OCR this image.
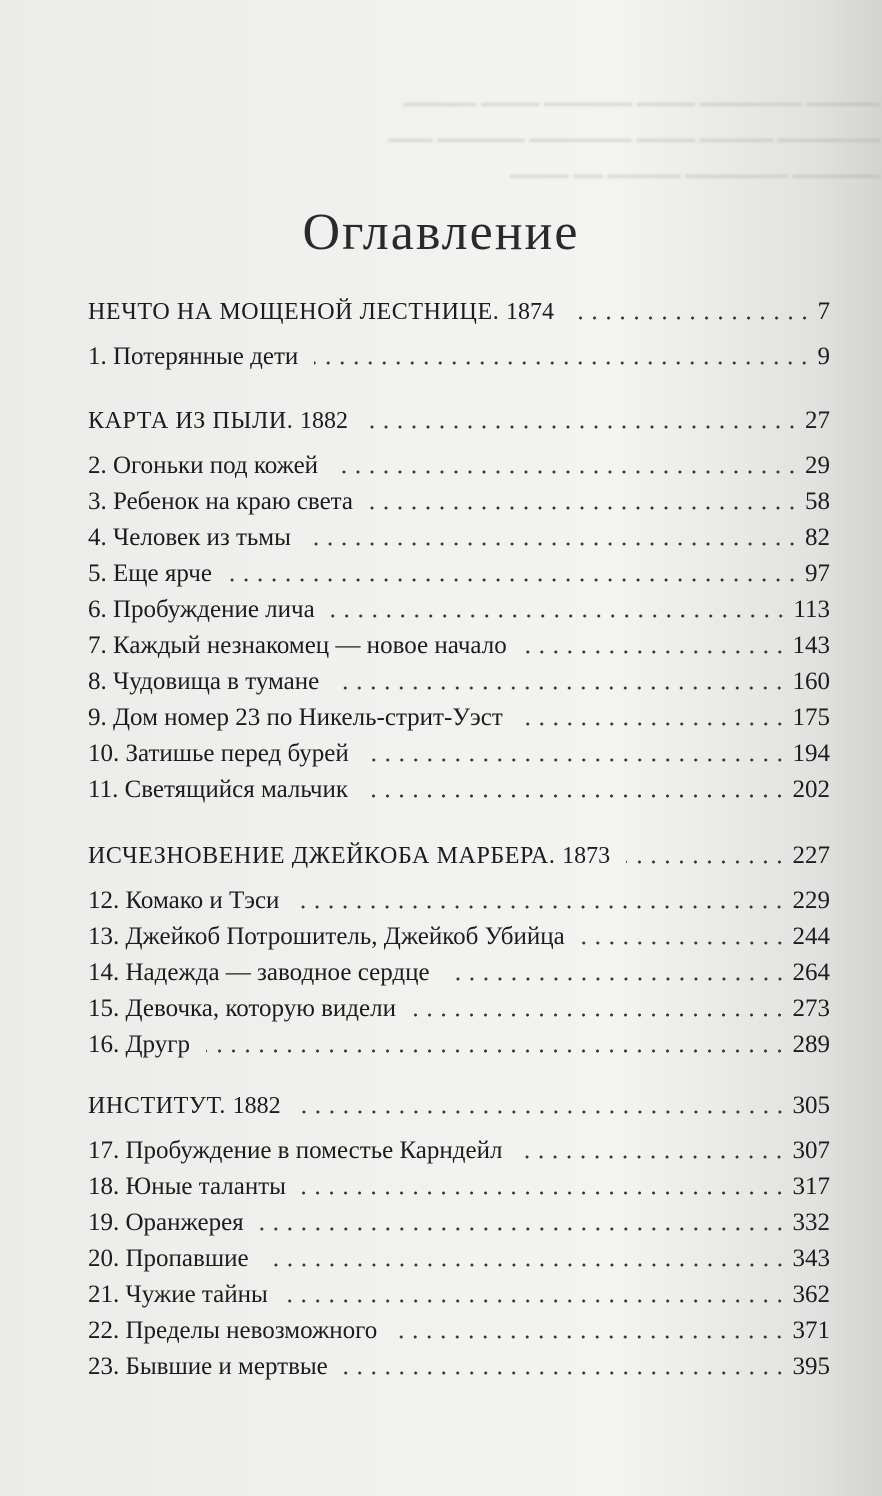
▁▁▁▁▁ ▁▁▁▁▁▁▁ ▁▁▁▁ ▁▁▁▁▁▁ ▁▁▁▁ ▁▁▁▁▁
▁▁▁▁▁▁▁ ▁▁▁▁▁ ▁▁▁▁ ▁▁▁▁▁▁▁ ▁▁▁▁▁▁ ▁▁▁
▁▁▁▁▁▁ ▁▁▁▁▁▁▁ ▁▁▁▁▁ ▁▁ ▁▁▁▁
Оглавление
НЕЧТО НА МОЩЕНОЙ ЛЕСТНИЦЕ. 1874	7
1. Потерянные дети	9
КАРТА ИЗ ПЫЛИ. 1882	27
2. Огоньки под кожей	29
3. Ребенок на краю света	58
4. Человек из тьмы	82
5. Еще ярче	97
6. Пробуждение лича	113
7. Каждый незнакомец — новое начало	143
8. Чудовища в тумане	160
9. Дом номер 23 по Никель-стрит-Уэст	175
10. Затишье перед бурей	194
11. Светящийся мальчик	202
ИСЧЕЗНОВЕНИЕ ДЖЕЙКОБА МАРБЕРА. 1873	227
12. Комако и Тэси	229
13. Джейкоб Потрошитель, Джейкоб Убийца	244
14. Надежда — заводное сердце	264
15. Девочка, которую видели	273
16. Другр	289
ИНСТИТУТ. 1882	305
17. Пробуждение в поместье Карндейл	307
18. Юные таланты	317
19. Оранжерея	332
20. Пропавшие	343
21. Чужие тайны	362
22. Пределы невозможного	371
23. Бывшие и мертвые	395
